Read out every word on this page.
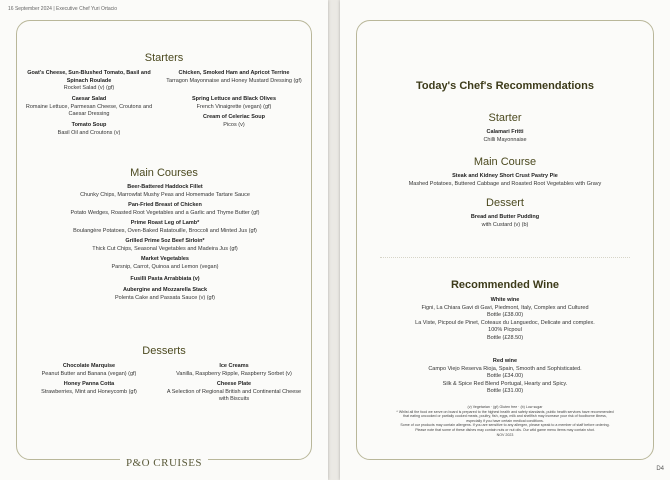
16 September 2024 | Executive Chef Yuri Ortacio
Starters
Goat's Cheese, Sun-Blushed Tomato, Basil and Spinach Roulade
Rocket Salad (v) (gf)
Caesar Salad
Romaine Lettuce, Parmesan Cheese, Croutons and Caesar Dressing
Tomato Soup
Basil Oil and Croutons (v)
Chicken, Smoked Ham and Apricot Terrine
Tarragon Mayonnaise and Honey Mustard Dressing (gf)
Spring Lettuce and Black Olives
French Vinaigrette (vegan) (gf)
Cream of Celeriac Soup
Picos (v)
Main Courses
Beer-Battered Haddock Fillet
Chunky Chips, Marrowfat Mushy Peas and Homemade Tartare Sauce
Pan-Fried Breast of Chicken
Potato Wedges, Roasted Root Vegetables and a Garlic and Thyme Butter (gf)
Prime Roast Leg of Lamb*
Boulangère Potatoes, Oven-Baked Ratatouille, Broccoli and Minted Jus (gf)
Grilled Prime 5oz Beef Sirloin*
Thick Cut Chips, Seasonal Vegetables and Madeira Jus (gf)
Market Vegetables
Parsnip, Carrot, Quinoa and Lemon (vegan)
Fusilli Pasta Arrabbiata (v)
Aubergine and Mozzarella Stack
Polenta Cake and Passata Sauce (v) (gf)
Desserts
Chocolate Marquise
Peanut Butter and Banana (vegan) (gf)
Honey Panna Cotta
Strawberries, Mint and Honeycomb (gf)
Ice Creams
Vanilla, Raspberry Ripple, Raspberry Sorbet (v)
Cheese Plate
A Selection of Regional British and Continental Cheese with Biscuits
P&O CRUISES
Today's Chef's Recommendations
Starter
Calamari Fritti
Chilli Mayonnaise
Main Course
Steak and Kidney Short Crust Pastry Pie
Mashed Potatoes, Buttered Cabbage and Roasted Root Vegetables with Gravy
Dessert
Bread and Butter Pudding
with Custard (v) (b)
Recommended Wine
White wine
Figni, La Chiara Gavi di Gavi, Piedmont, Italy, Complex and Cultured
Bottle (£38.00)
La Viste, Picpoul de Pinet, Coteaux du Languedoc, Delicate and complex.
100% Picpoul
Bottle (£28.50)
Red wine
Campo Viejo Reserva Rioja, Spain, Smooth and Sophisticated.
Bottle (£34.00)
Silk & Spice Red Blend Portugal, Hearty and Spicy.
Bottle (£31.00)
(v) Vegetarian · (gf) Gluten free · (b) Low sugar
* Whilst all the food we serve on board is prepared to the highest health and safety standards, public health services have recommended
that eating uncooked or partially cooked meats, poultry, fish, eggs, milk and shellfish may increase your risk of foodborne illness,
especially if you have certain medical conditions.
Some of our products may contain allergens. If you are sensitive to any allergen, please speak to a member of staff before ordering.
Please note that some of these dishes may contain nuts or nut oils. Our wild game menu items may contain shot.
NOV 2023
D4
